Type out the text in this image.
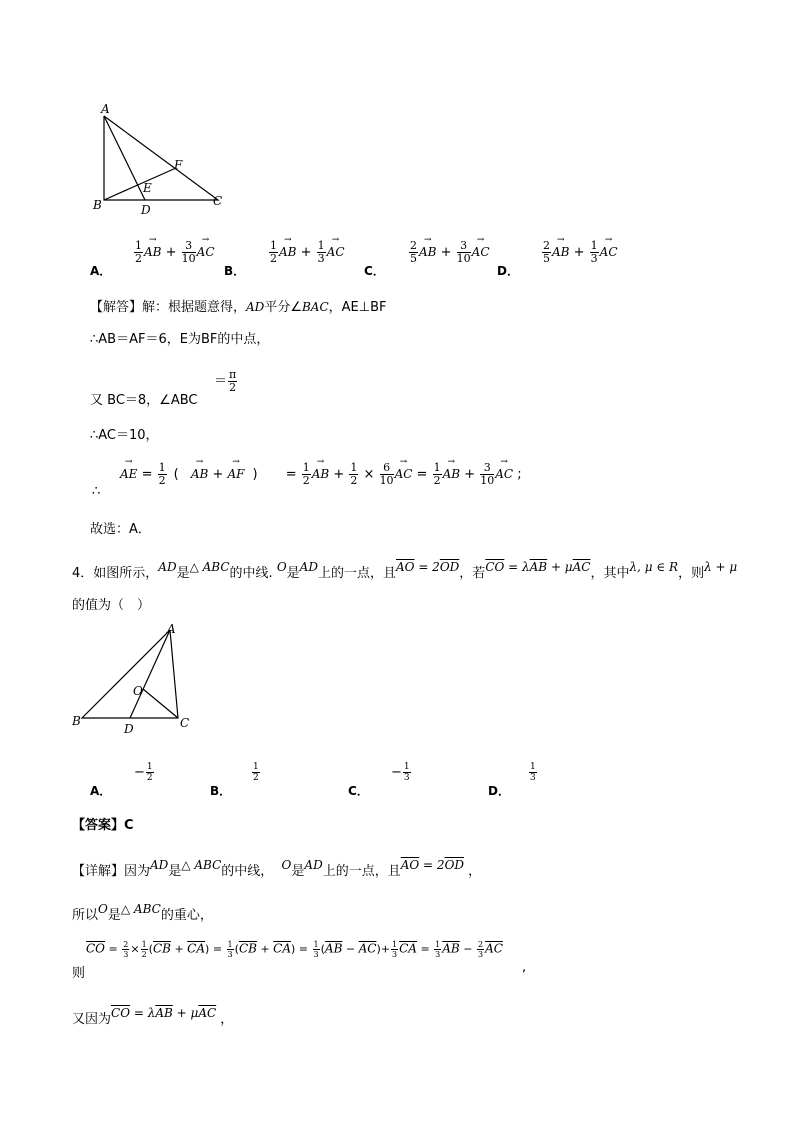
A
B	C
D
E
F
A．
$\frac{1}{2}$ → AB + $\frac{3}{10}$ → AC
B．
$\frac{1}{2}$ → AB + $\frac{1}{3}$ → AC
C．
$\frac{2}{5}$ → AB + $\frac{3}{10}$ → AC
D．
$\frac{2}{5}$ → AB + $\frac{1}{3}$ → AC
【解答】解：根据题意得，AD平分∠BAC，AE⊥BF
∴AB＝AF＝6，E为BF的中点，
又 BC＝8，∠ABC
＝ $\frac{\pi}{2}$
∴AC＝10，
∴
→ AE = $\frac{1}{2}$ ( → AB + → AF ) = $\frac{1}{2}$ → AB + $\frac{1}{2} \times \frac{6}{10}$ → AC = $\frac{1}{2}$ → AB + $\frac{3}{10}$ → AC ;
故选：A．
4．如图所示，AD是△ ABC的中线. O是AD上的一点，且$\overline{AO} = 2\overline{OD}$，若$\overline{CO} = \lambda\overline{AB} + \mu\overline{AC}$，其中λ, μ ∈ R，则λ + μ
的值为（　）
A
B	C
D
O
A．
− $\frac{1}{2}$
B．
$\frac{1}{2}$
C．
− $\frac{1}{3}$
D．
$\frac{1}{3}$
【答案】C
【详解】因为AD是△ ABC的中线， O是AD上的一点，且$\overline{AO} = 2\overline{OD}$ ，
所以O是△ ABC的重心，
$\overline{CO} = \frac{2}{3} \times \frac{1}{2} (\overline{CB} + \overline{CA}) = \frac{1}{3} (\overline{CB} + \overline{CA}) = \frac{1}{3} (\overline{AB} - \overline{AC})+ \frac{1}{3} \overline{CA} = \frac{1}{3} \overline{AB} - \frac{2}{3} \overline{AC}$
则	,
又因为$\overline{CO} = \lambda\overline{AB} + \mu\overline{AC}$ ，
